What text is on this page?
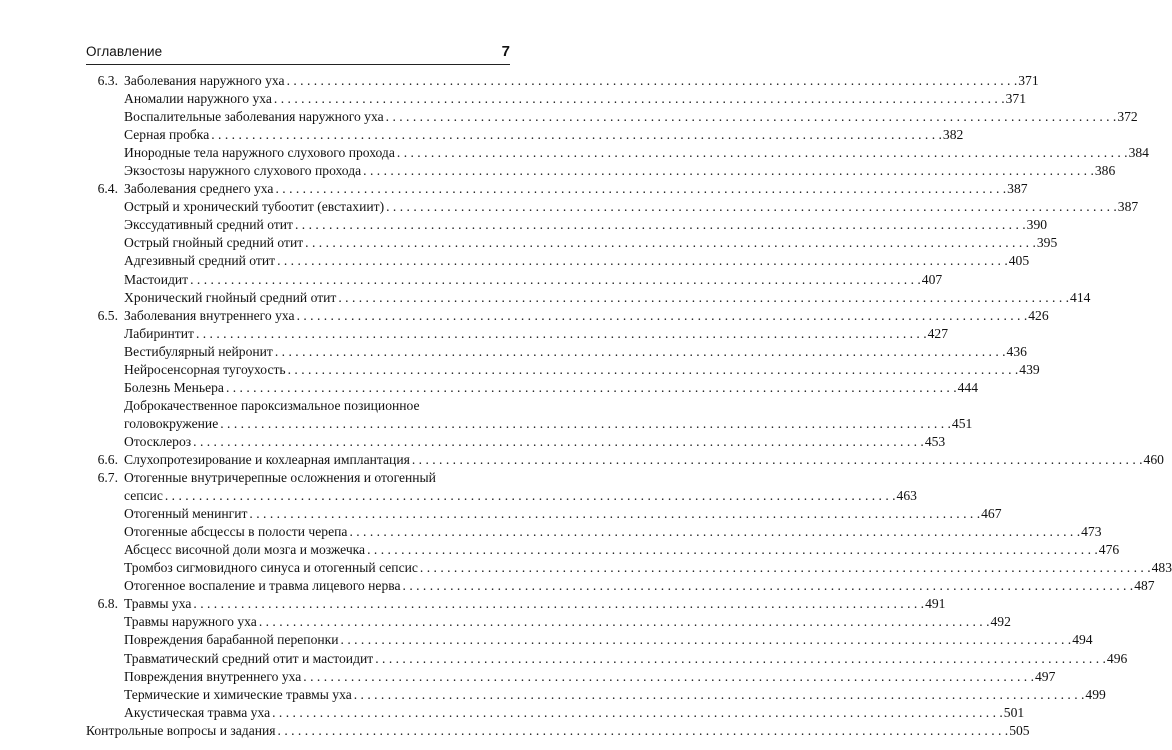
Оглавление	7
6.3. Заболевания наружного уха . . .	371
Аномалии наружного уха . . .	371
Воспалительные заболевания наружного уха . . .	372
Серная пробка . . .	382
Инородные тела наружного слухового прохода . . .	384
Экзостозы наружного слухового прохода . . .	386
6.4. Заболевания среднего уха . . .	387
Острый и хронический тубоотит (евстахиит) . . .	387
Экссудативный средний отит . . .	390
Острый гнойный средний отит . . .	395
Адгезивный средний отит . . .	405
Мастоидит . . .	407
Хронический гнойный средний отит . . .	414
6.5. Заболевания внутреннего уха . . .	426
Лабиринтит . . .	427
Вестибулярный нейронит . . .	436
Нейросенсорная тугоухость . . .	439
Болезнь Меньера . . .	444
Доброкачественное пароксизмальное позиционное
головокружение . . .	451
Отосклероз . . .	453
6.6. Слухопротезирование и кохлеарная имплантация . . .	460
6.7. Отогенные внутричерепные осложнения и отогенный
сепсис . . .	463
Отогенный менингит . . .	467
Отогенные абсцессы в полости черепа . . .	473
Абсцесс височной доли мозга и мозжечка . . .	476
Тромбоз сигмовидного синуса и отогенный сепсис . . .	483
Отогенное воспаление и травма лицевого нерва . . .	487
6.8. Травмы уха . . .	491
Травмы наружного уха . . .	492
Повреждения барабанной перепонки . . .	494
Травматический средний отит и мастоидит . . .	496
Повреждения внутреннего уха . . .	497
Термические и химические травмы уха . . .	499
Акустическая травма уха . . .	501
Контрольные вопросы и задания . . .	505
